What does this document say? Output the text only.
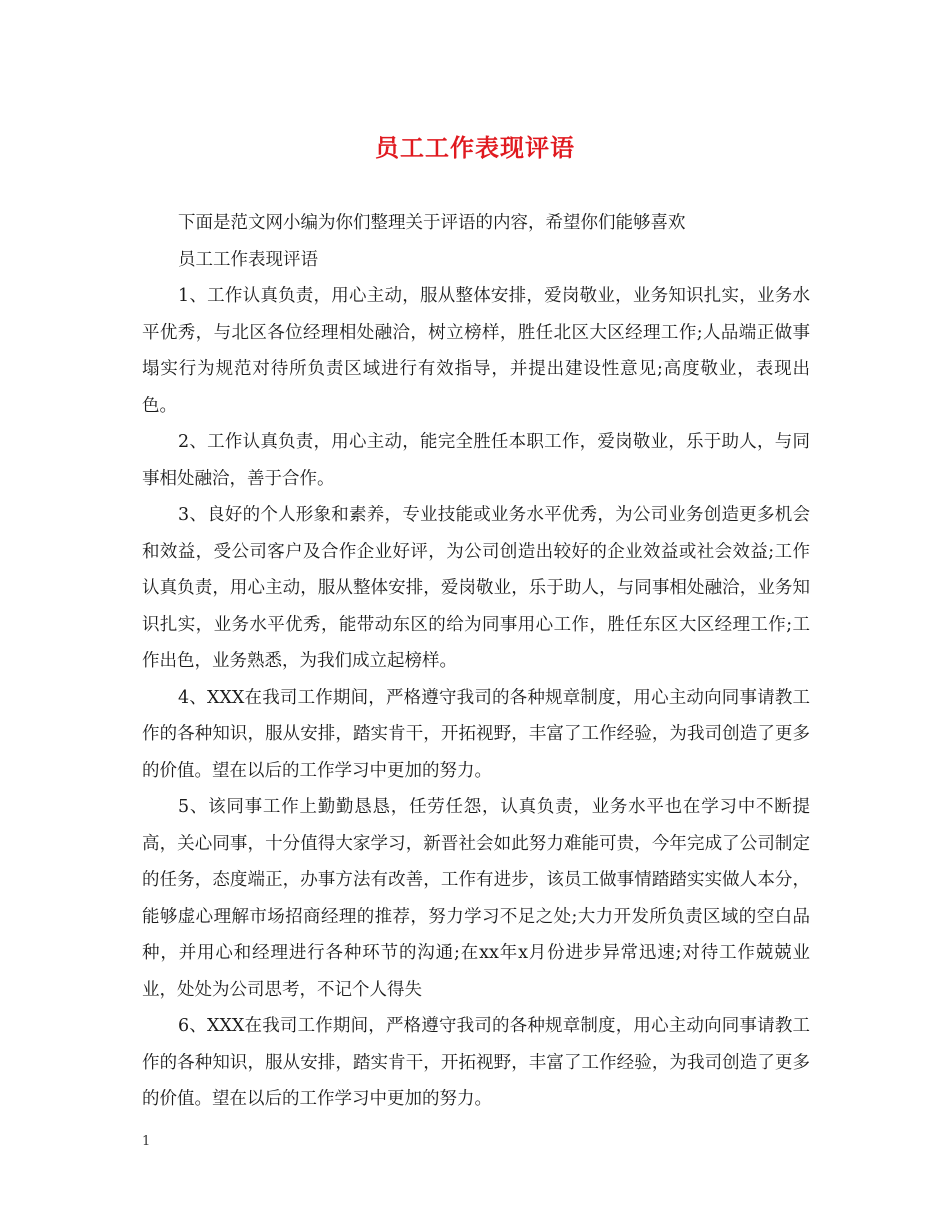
员工工作表现评语

下面是范文网小编为你们整理关于评语的内容，希望你们能够喜欢

员工工作表现评语

1、工作认真负责，用心主动，服从整体安排，爱岗敬业，业务知识扎实，业务水平优秀，与北区各位经理相处融洽，树立榜样，胜任北区大区经理工作;人品端正做事塌实行为规范对待所负责区域进行有效指导，并提出建设性意见;高度敬业，表现出色。

2、工作认真负责，用心主动，能完全胜任本职工作，爱岗敬业，乐于助人，与同事相处融洽，善于合作。

3、良好的个人形象和素养，专业技能或业务水平优秀，为公司业务创造更多机会和效益，受公司客户及合作企业好评，为公司创造出较好的企业效益或社会效益;工作认真负责，用心主动，服从整体安排，爱岗敬业，乐于助人，与同事相处融洽，业务知识扎实，业务水平优秀，能带动东区的给为同事用心工作，胜任东区大区经理工作;工作出色，业务熟悉，为我们成立起榜样。

4、XXX在我司工作期间，严格遵守我司的各种规章制度，用心主动向同事请教工作的各种知识，服从安排，踏实肯干，开拓视野，丰富了工作经验，为我司创造了更多的价值。望在以后的工作学习中更加的努力。

5、该同事工作上勤勤恳恳，任劳任怨，认真负责，业务水平也在学习中不断提高，关心同事，十分值得大家学习，新晋社会如此努力难能可贵，今年完成了公司制定的任务，态度端正，办事方法有改善，工作有进步，该员工做事情踏踏实实做人本分，能够虚心理解市场招商经理的推荐，努力学习不足之处;大力开发所负责区域的空白品种，并用心和经理进行各种环节的沟通;在xx年x月份进步异常迅速;对待工作兢兢业业，处处为公司思考，不记个人得失

6、XXX在我司工作期间，严格遵守我司的各种规章制度，用心主动向同事请教工作的各种知识，服从安排，踏实肯干，开拓视野，丰富了工作经验，为我司创造了更多的价值。望在以后的工作学习中更加的努力。

1
